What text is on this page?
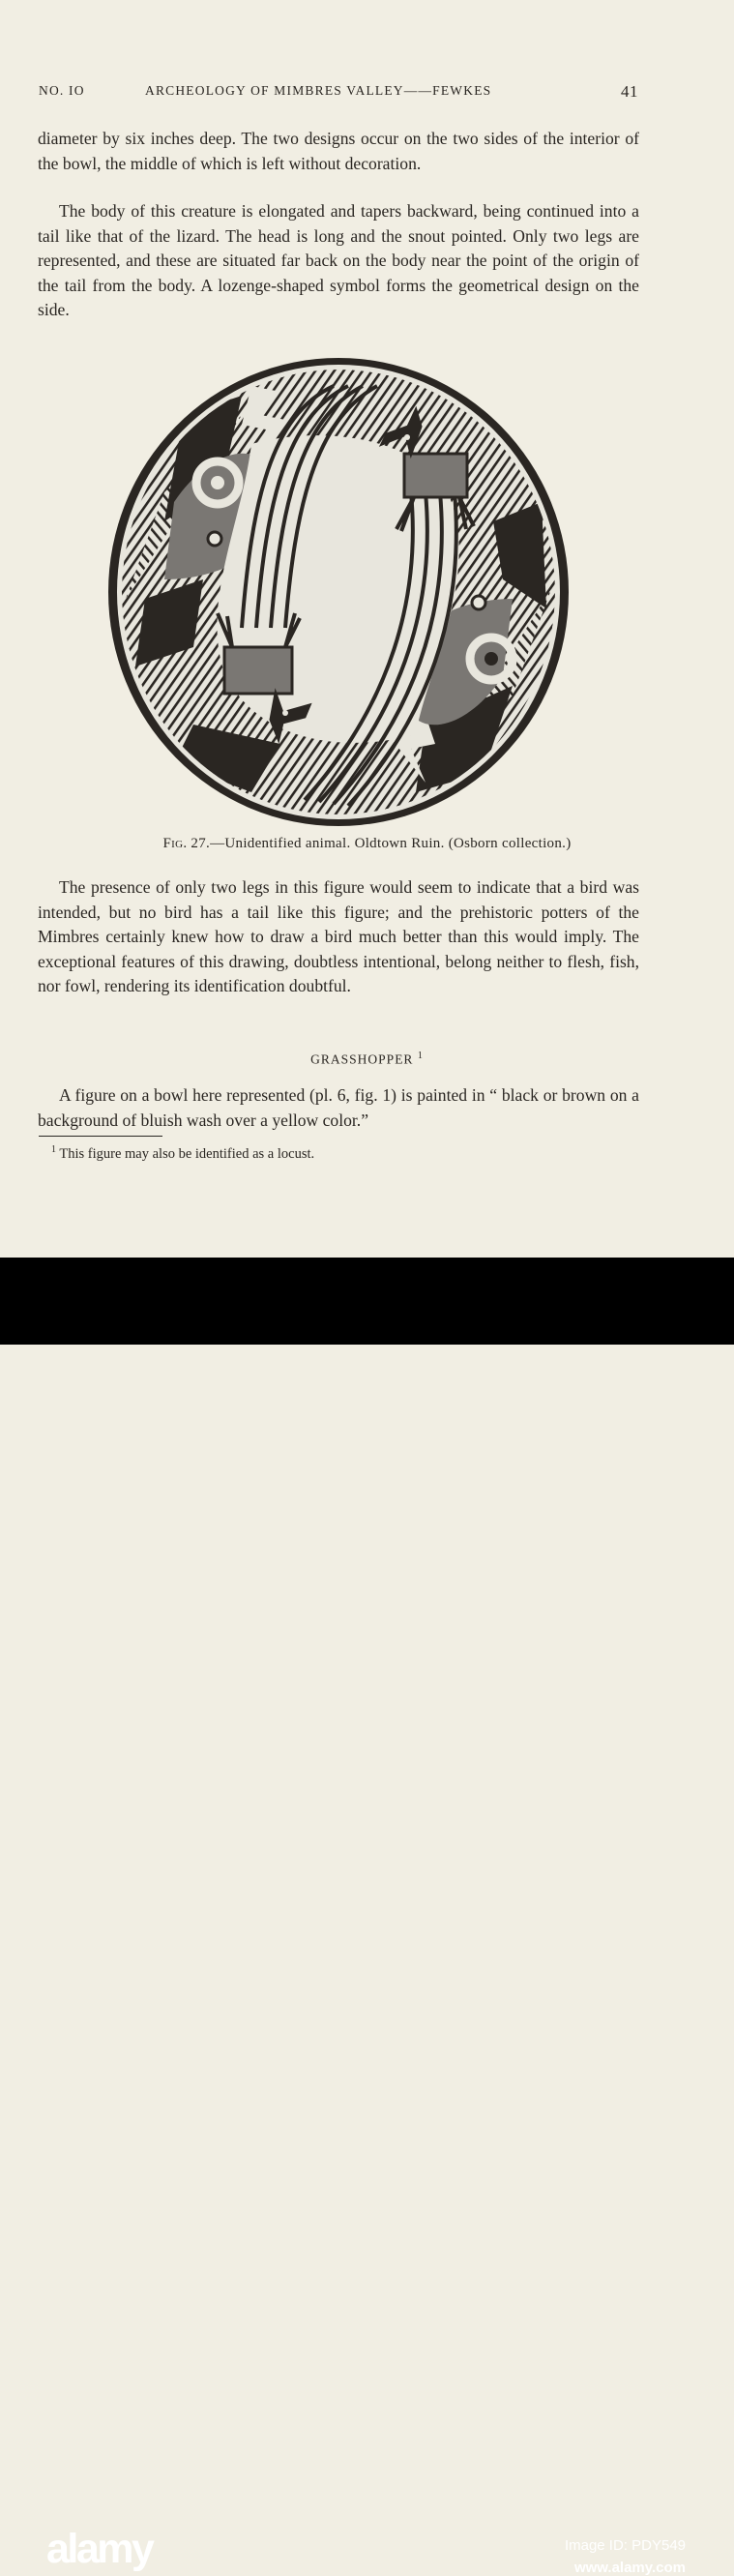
NO. IO	ARCHEOLOGY OF MIMBRES VALLEY——FEWKES	41

diameter by six inches deep. The two designs occur on the two sides of the interior of the bowl, the middle of which is left without decoration.

The body of this creature is elongated and tapers backward, being continued into a tail like that of the lizard. The head is long and the snout pointed. Only two legs are represented, and these are situated far back on the body near the point of the origin of the tail from the body. A lozenge-shaped symbol forms the geometrical design on the side.

Fig. 27.—Unidentified animal. Oldtown Ruin. (Osborn collection.)

The presence of only two legs in this figure would seem to indicate that a bird was intended, but no bird has a tail like this figure; and the prehistoric potters of the Mimbres certainly knew how to draw a bird much better than this would imply. The exceptional features of this drawing, doubtless intentional, belong neither to flesh, fish, nor fowl, rendering its identification doubtful.

GRASSHOPPER $^1$

A figure on a bowl here represented (pl. 6, fig. 1) is painted in “ black or brown on a background of bluish wash over a yellow color.”

$^1$ This figure may also be identified as a locust.
alamy	Image ID: PDY549
www.alamy.com
